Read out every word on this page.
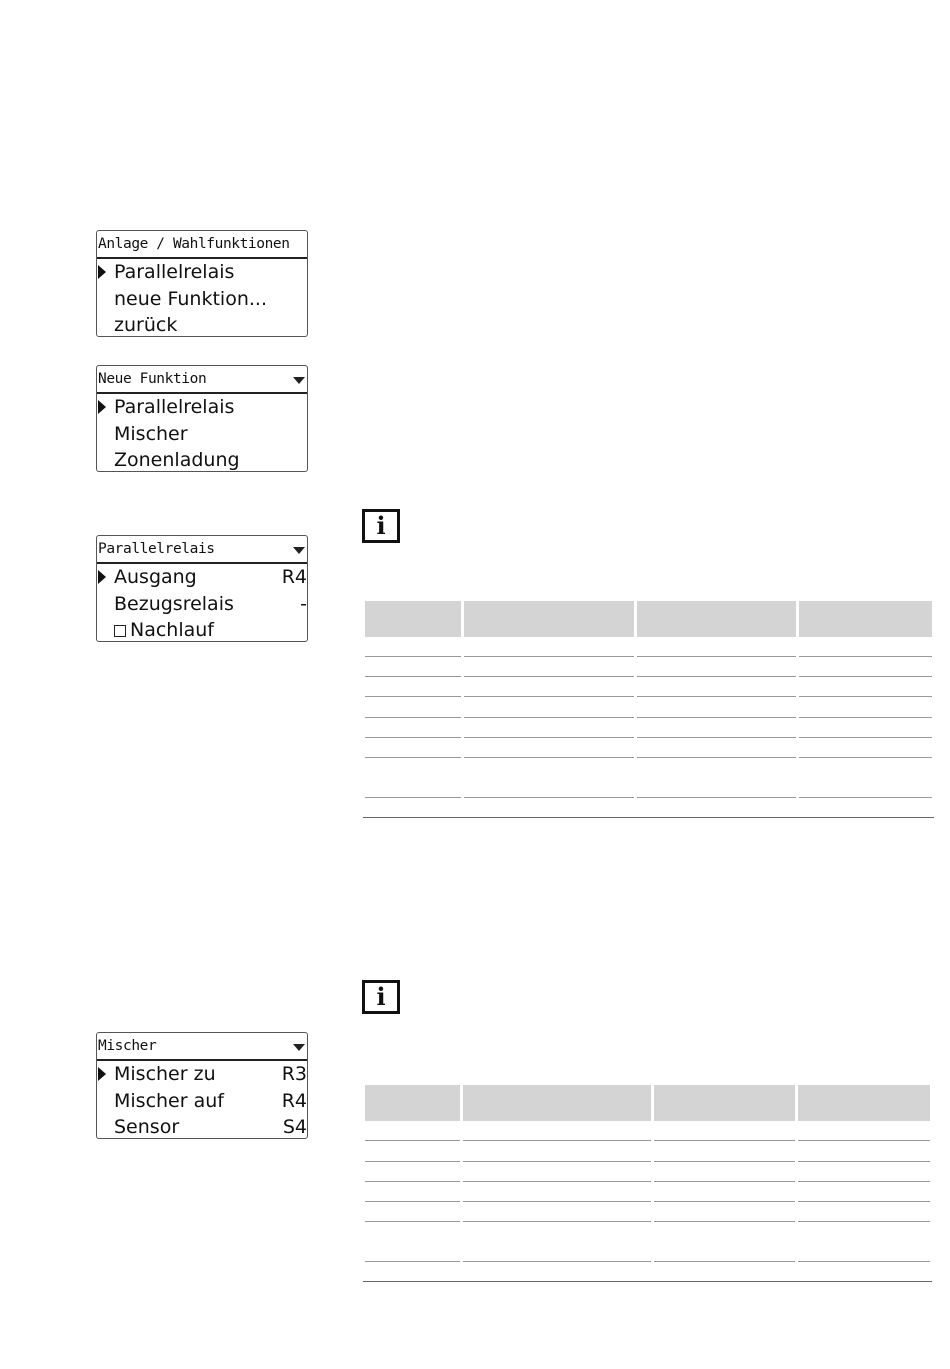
Anlage / Wahlfunktionen
Parallelrelais
neue Funktion...
zurück
Neue Funktion
Parallelrelais
Mischer
Zonenladung
Parallelrelais
Ausgang	R4
Bezugsrelais	-
Nachlauf
Mischer
Mischer zu	R3
Mischer auf	R4
Sensor	S4
i
i
